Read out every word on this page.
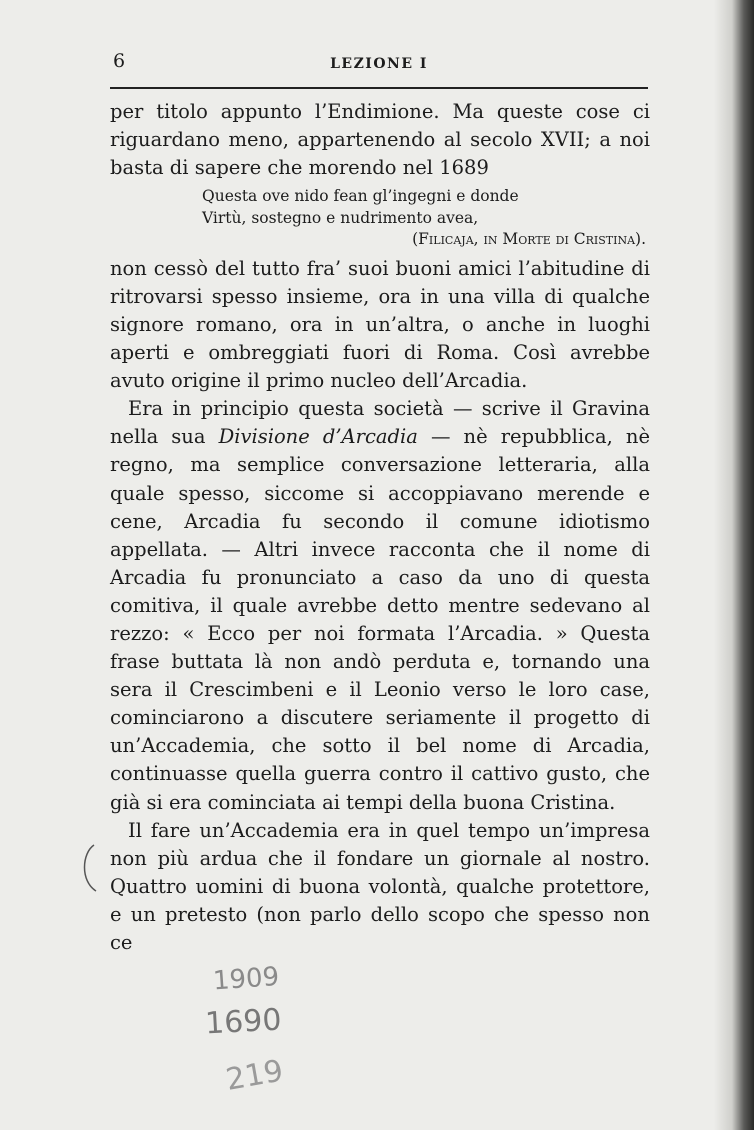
6	LEZIONE I

per titolo appunto l’Endimione. Ma queste cose ci riguardano meno, appartenendo al secolo XVII; a noi basta di sapere che morendo nel 1689

Questa ove nido fean gl’ingegni e donde
Virtù, sostegno e nudrimento avea,
(Filicaja, in Morte di Cristina).

non cessò del tutto fra’ suoi buoni amici l’abitudine di ritrovarsi spesso insieme, ora in una villa di qualche signore romano, ora in un’altra, o anche in luoghi aperti e ombreggiati fuori di Roma. Così avrebbe avuto origine il primo nucleo dell’Arcadia.

Era in principio questa società — scrive il Gravina nella sua Divisione d’Arcadia — nè repubblica, nè regno, ma semplice conversazione letteraria, alla quale spesso, siccome si accoppiavano merende e cene, Arcadia fu secondo il comune idiotismo appellata. — Altri invece racconta che il nome di Arcadia fu pronunciato a caso da uno di questa comitiva, il quale avrebbe detto mentre sedevano al rezzo: « Ecco per noi formata l’Arcadia. » Questa frase buttata là non andò perduta e, tornando una sera il Crescimbeni e il Leonio verso le loro case, cominciarono a discutere seriamente il progetto di un’Accademia, che sotto il bel nome di Arcadia, continuasse quella guerra contro il cattivo gusto, che già si era cominciata ai tempi della buona Cristina.

Il fare un’Accademia era in quel tempo un’impresa non più ardua che il fondare un giornale al nostro. Quattro uomini di buona volontà, qualche protettore, e un pretesto (non parlo dello scopo che spesso non ce

1909
1690
219
